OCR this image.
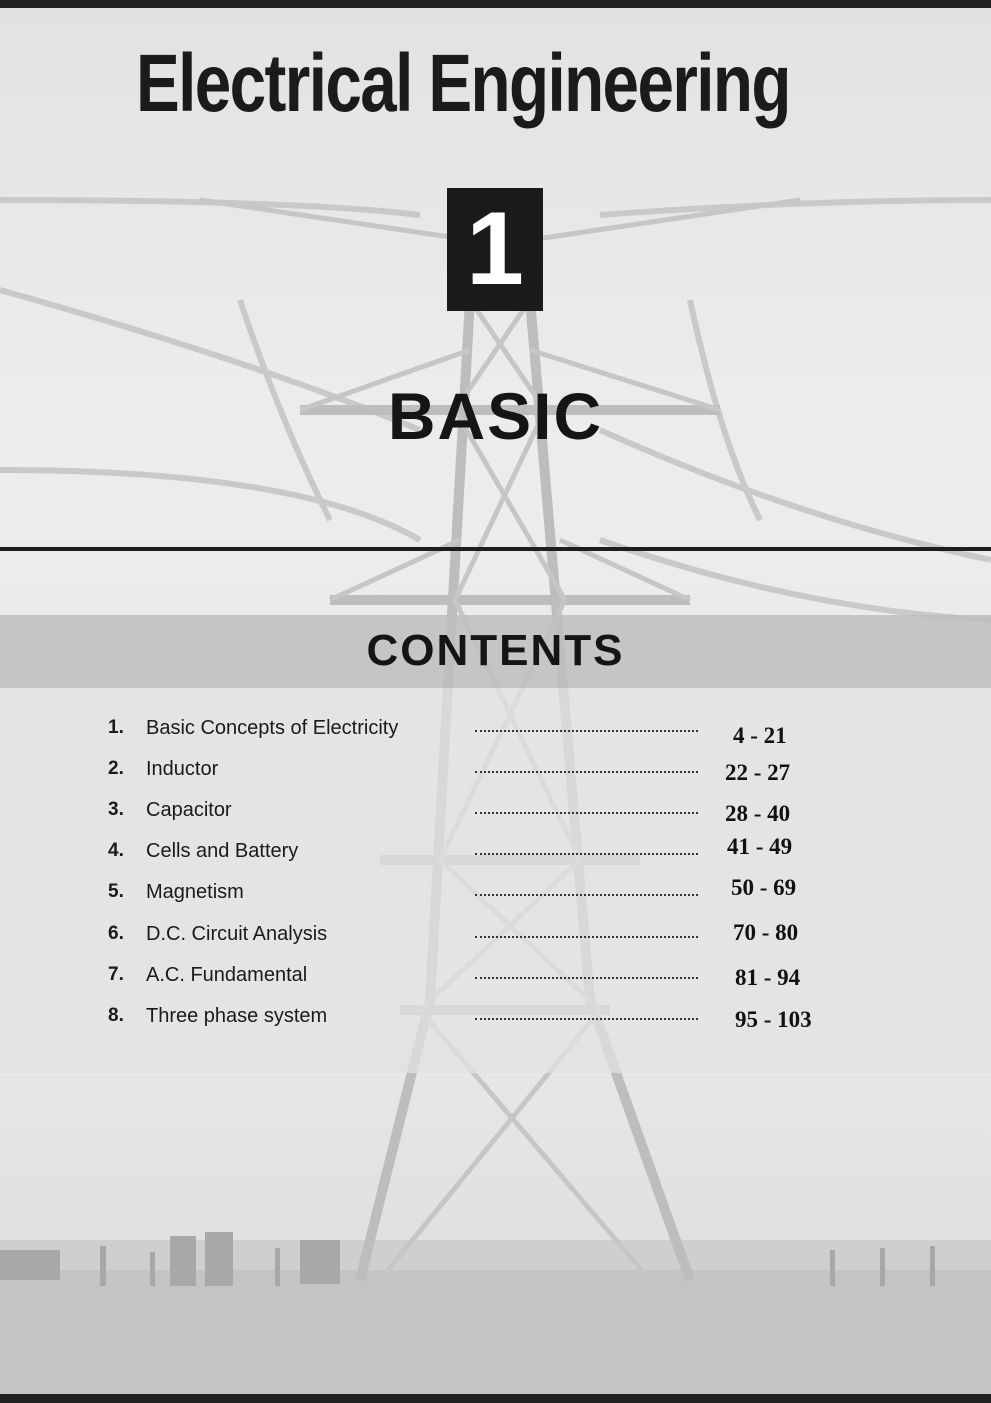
Electrical Engineering
1
BASIC
CONTENTS
1.	Basic Concepts of Electricity	4 - 21
2.	Inductor	22 - 27
3.	Capacitor	28 - 40
4.	Cells and Battery	41 - 49
5.	Magnetism	50 - 69
6.	D.C. Circuit Analysis	70 - 80
7.	A.C. Fundamental	81 - 94
8.	Three phase system	95 - 103
